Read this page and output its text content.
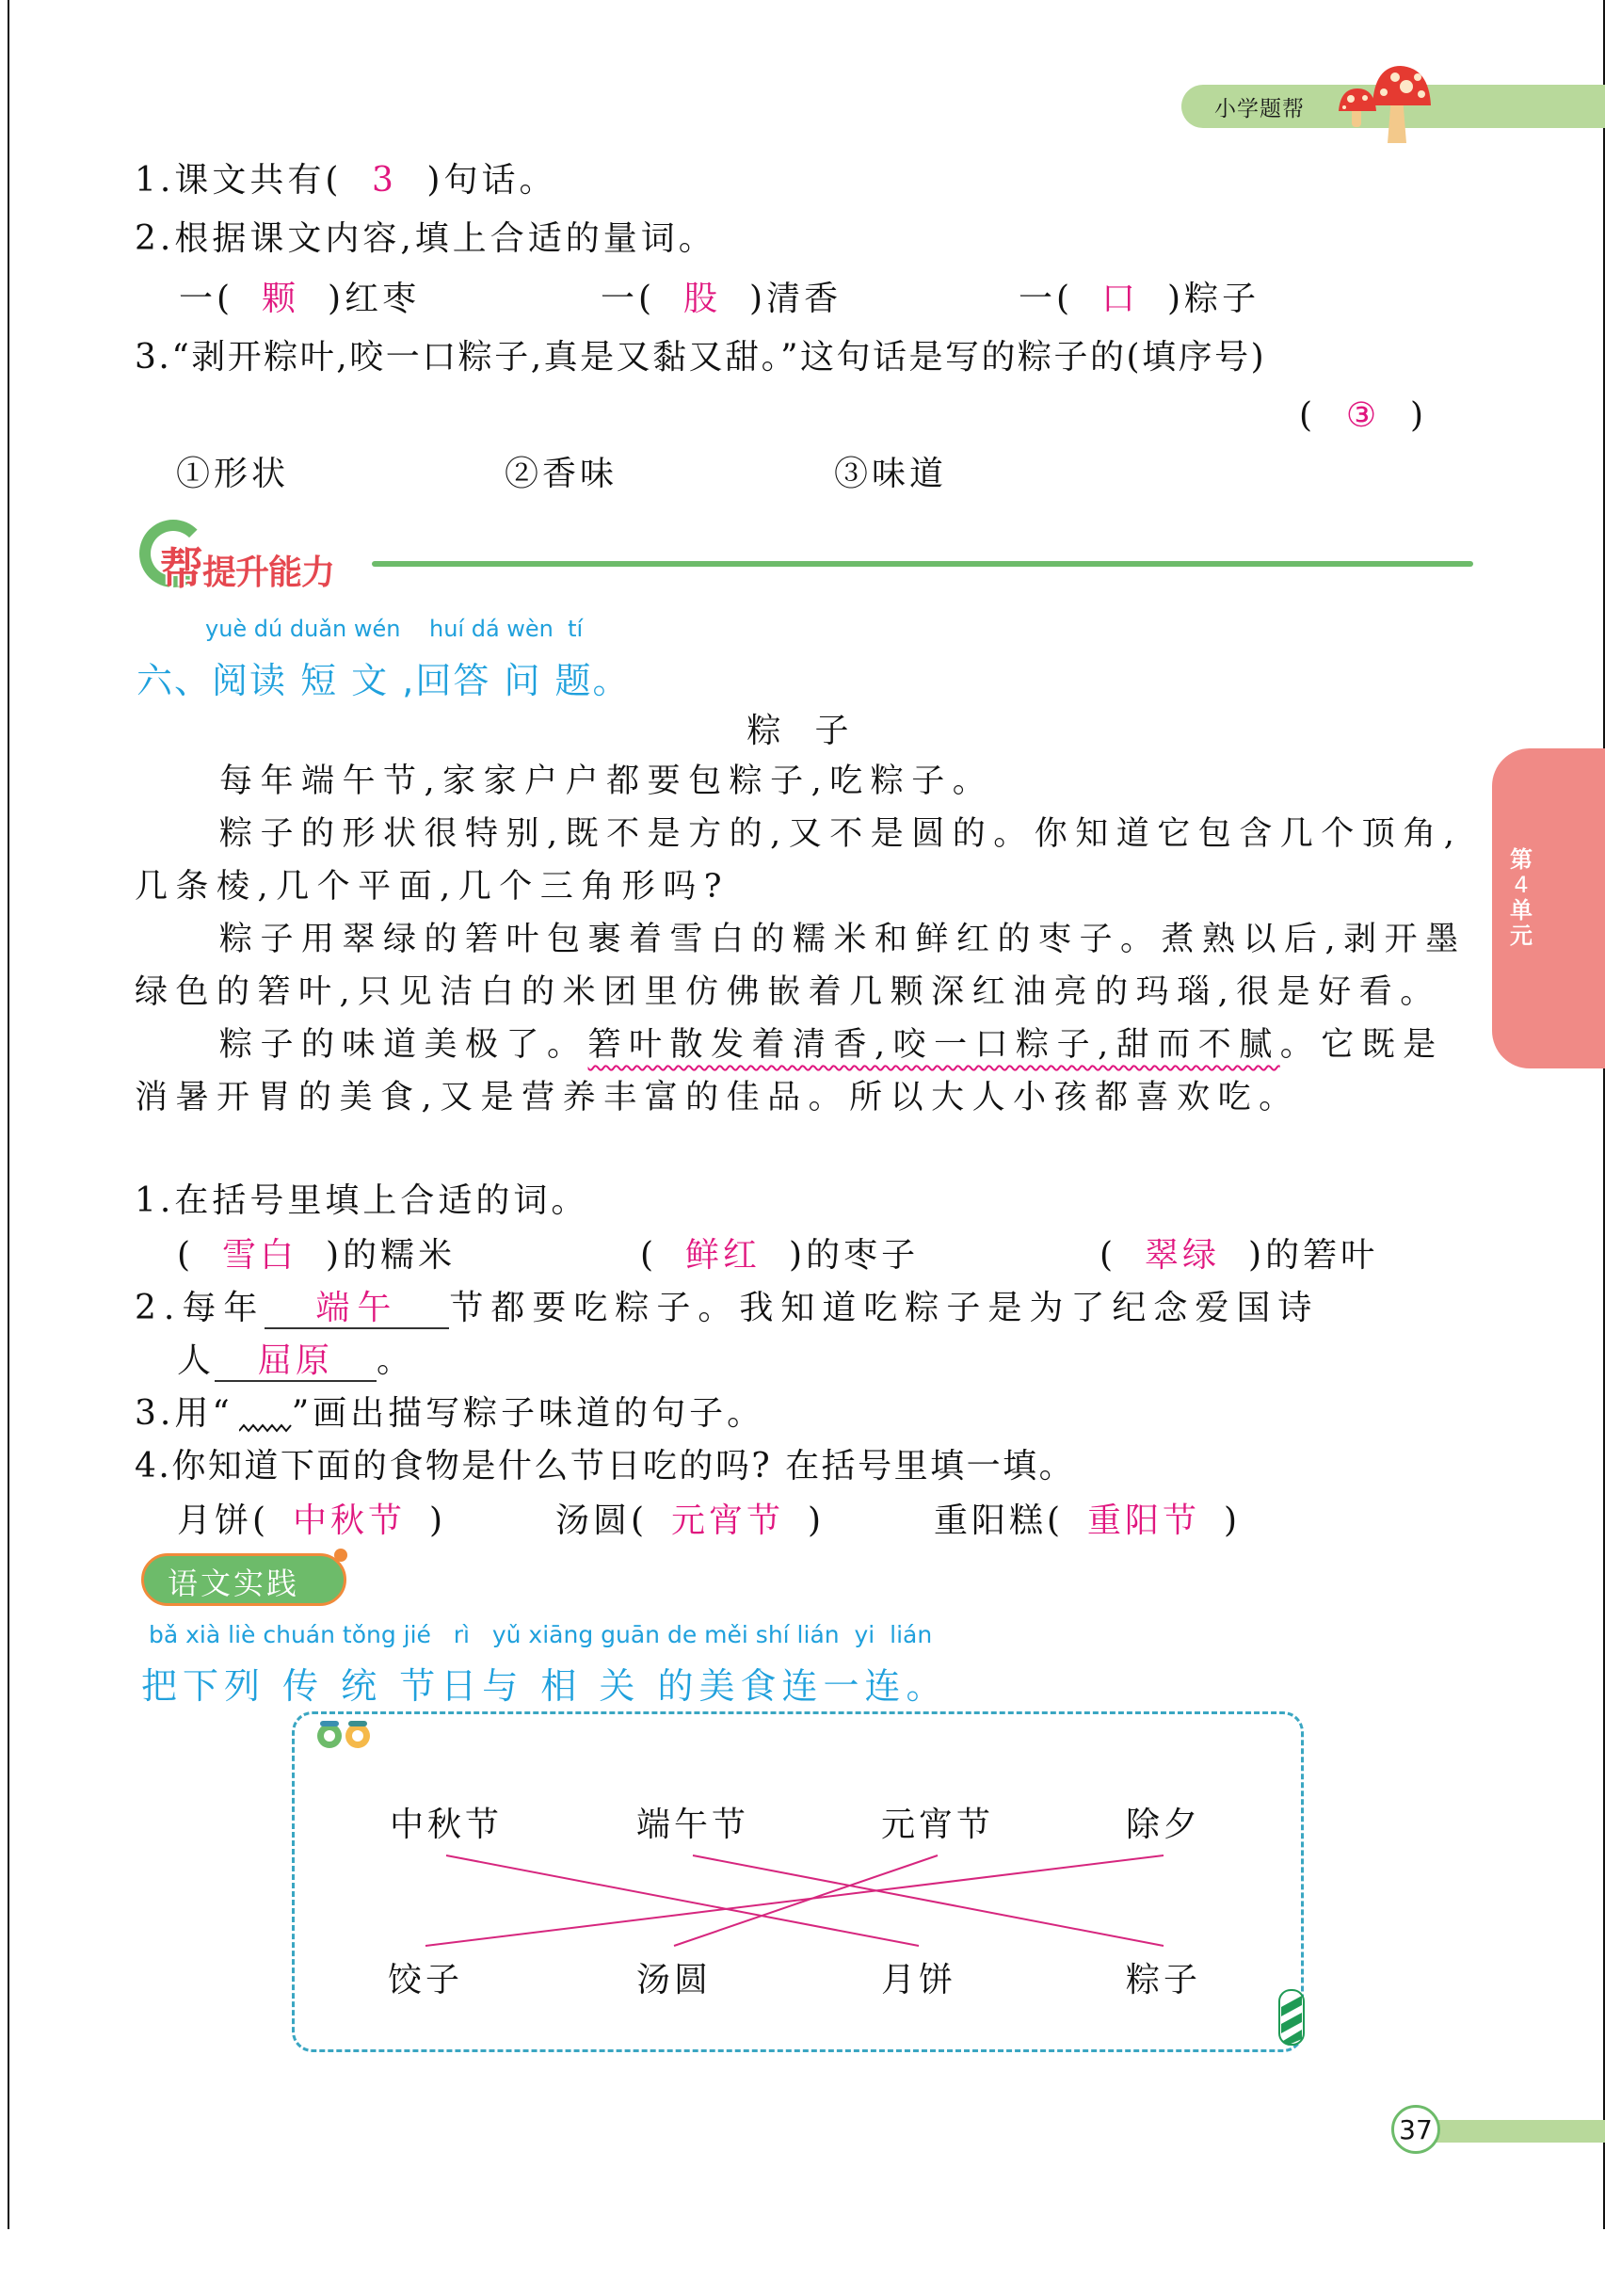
小学题帮
第
4
单
元
1.课文共有( 3 )句话。
2.根据课文内容,填上合适的量词。
一( 颗 )红枣	一( 股 )清香	一( 口 )粽子
3.“剥开粽叶,咬一口粽子,真是又黏又甜。”这句话是写的粽子的(填序号)
( ③ )
①形状	②香味	③味道
帮提升能力
yuè dú duǎn wén    huí dá wèn  tí
六、阅读 短 文 ,回答 问 题。
粽　子
每年端午节,家家户户都要包粽子,吃粽子。
粽子的形状很特别,既不是方的,又不是圆的。你知道它包含几个顶角,几条棱,几个平面,几个三角形吗?
粽子用翠绿的箬叶包裹着雪白的糯米和鲜红的枣子。煮熟以后,剥开墨绿色的箬叶,只见洁白的米团里仿佛嵌着几颗深红油亮的玛瑙,很是好看。
粽子的味道美极了。箬叶散发着清香,咬一口粽子,甜而不腻。它既是消暑开胃的美食,又是营养丰富的佳品。所以大人小孩都喜欢吃。
1.在括号里填上合适的词。
( 雪白 )的糯米	( 鲜红 )的枣子	( 翠绿 )的箬叶
2.每年 端午 节都要吃粽子。我知道吃粽子是为了纪念爱国诗
人 屈原 。
3.用“ ”画出描写粽子味道的句子。
4.你知道下面的食物是什么节日吃的吗? 在括号里填一填。
月饼( 中秋节 )	汤圆( 元宵节 )	重阳糕( 重阳节 )
语文实践
bǎ xià liè chuán tǒng jié   rì   yǔ xiāng guān de měi shí lián  yi  lián
把下列 传 统 节日与 相 关 的美食连一连。
中秋节	端午节	元宵节	除夕
饺子	汤圆	月饼	粽子
37
